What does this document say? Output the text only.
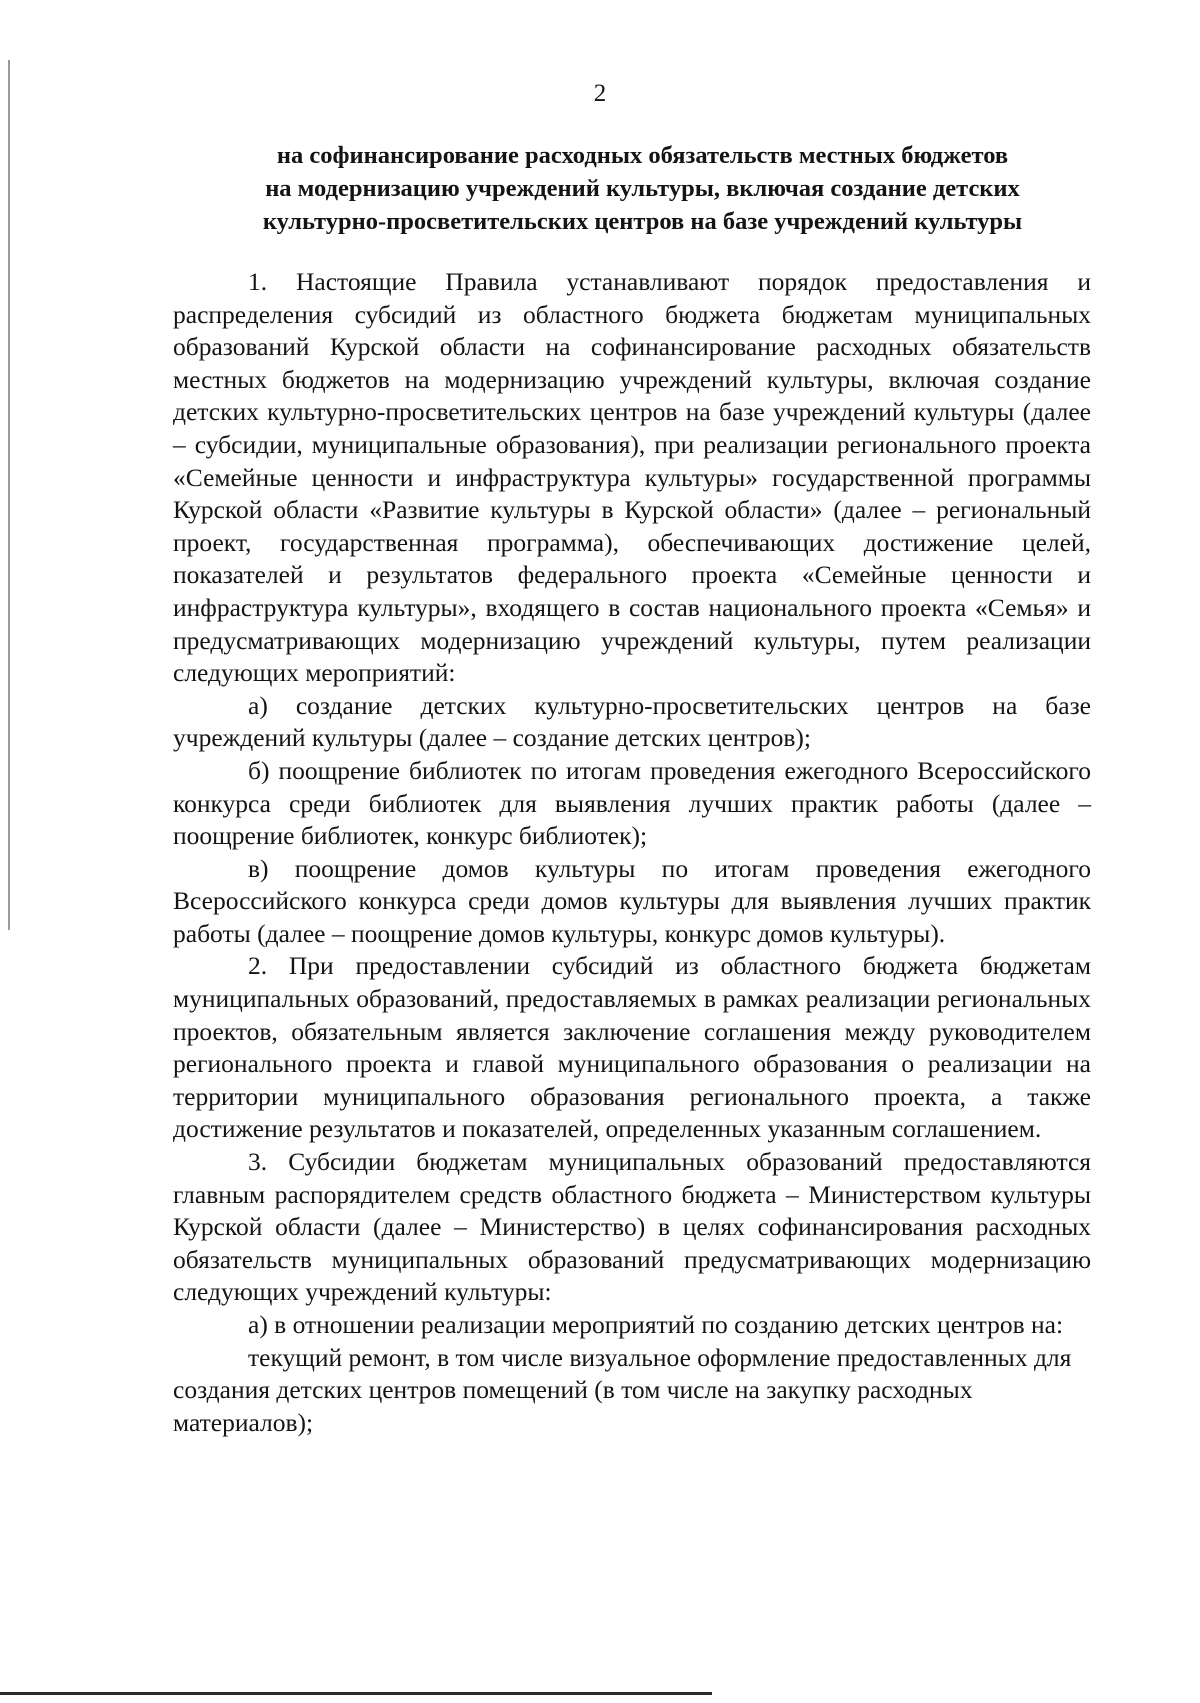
2
на софинансирование расходных обязательств местных бюджетов
на модернизацию учреждений культуры, включая создание детских
культурно-просветительских центров на базе учреждений культуры

1. Настоящие Правила устанавливают порядок предоставления и распределения субсидий из областного бюджета бюджетам муниципальных образований Курской области на софинансирование расходных обязательств местных бюджетов на модернизацию учреждений культуры, включая создание детских культурно-просветительских центров на базе учреждений культуры (далее – субсидии, муниципальные образования), при реализации регионального проекта «Семейные ценности и инфраструктура культуры» государственной программы Курской области «Развитие культуры в Курской области» (далее – региональный проект, государственная программа), обеспечивающих достижение целей, показателей и результатов федерального проекта «Семейные ценности и инфраструктура культуры», входящего в состав национального проекта «Семья» и предусматривающих модернизацию учреждений культуры, путем реализации следующих мероприятий:

а) создание детских культурно-просветительских центров на базе учреждений культуры (далее – создание детских центров);

б) поощрение библиотек по итогам проведения ежегодного Всероссийского конкурса среди библиотек для выявления лучших практик работы (далее – поощрение библиотек, конкурс библиотек);

в) поощрение домов культуры по итогам проведения ежегодного Всероссийского конкурса среди домов культуры для выявления лучших практик работы (далее – поощрение домов культуры, конкурс домов культуры).

2. При предоставлении субсидий из областного бюджета бюджетам муниципальных образований, предоставляемых в рамках реализации региональных проектов, обязательным является заключение соглашения между руководителем регионального проекта и главой муниципального образования о реализации на территории муниципального образования регионального проекта, а также достижение результатов и показателей, определенных указанным соглашением.

3. Субсидии бюджетам муниципальных образований предоставляются главным распорядителем средств областного бюджета – Министерством культуры Курской области (далее – Министерство) в целях софинансирования расходных обязательств муниципальных образований предусматривающих модернизацию следующих учреждений культуры:

а) в отношении реализации мероприятий по созданию детских центров на:

текущий ремонт, в том числе визуальное оформление предоставленных для создания детских центров помещений (в том числе на закупку расходных материалов);
